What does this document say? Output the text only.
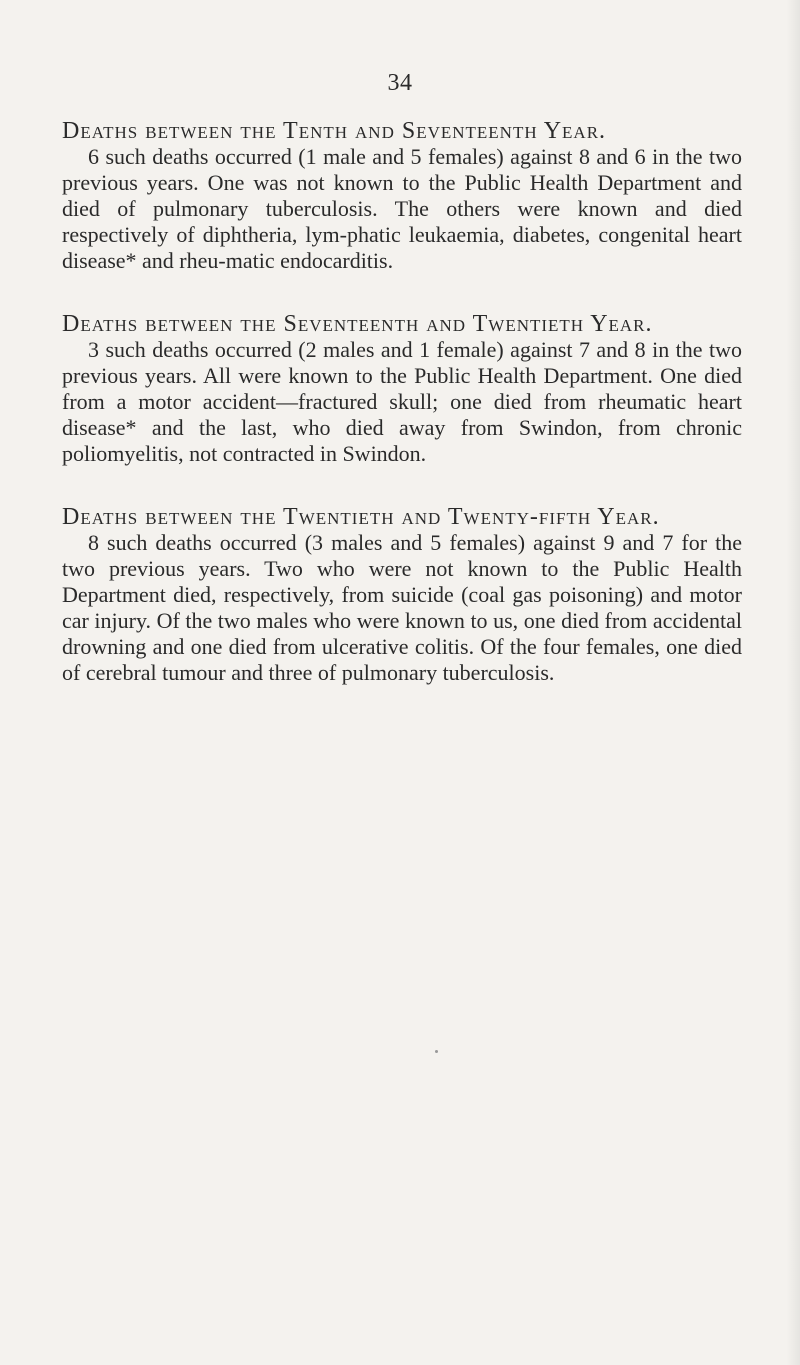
34
Deaths between the Tenth and Seventeenth Year.

6 such deaths occurred (1 male and 5 females) against 8 and 6 in the two previous years. One was not known to the Public Health Department and died of pulmonary tuberculosis. The others were known and died respectively of diphtheria, lym-phatic leukaemia, diabetes, congenital heart disease* and rheu-matic endocarditis.

Deaths between the Seventeenth and Twentieth Year.

3 such deaths occurred (2 males and 1 female) against 7 and 8 in the two previous years. All were known to the Public Health Department. One died from a motor accident—fractured skull; one died from rheumatic heart disease* and the last, who died away from Swindon, from chronic poliomyelitis, not contracted in Swindon.

Deaths between the Twentieth and Twenty-fifth Year.

8 such deaths occurred (3 males and 5 females) against 9 and 7 for the two previous years. Two who were not known to the Public Health Department died, respectively, from suicide (coal gas poisoning) and motor car injury. Of the two males who were known to us, one died from accidental drowning and one died from ulcerative colitis. Of the four females, one died of cerebral tumour and three of pulmonary tuberculosis.
